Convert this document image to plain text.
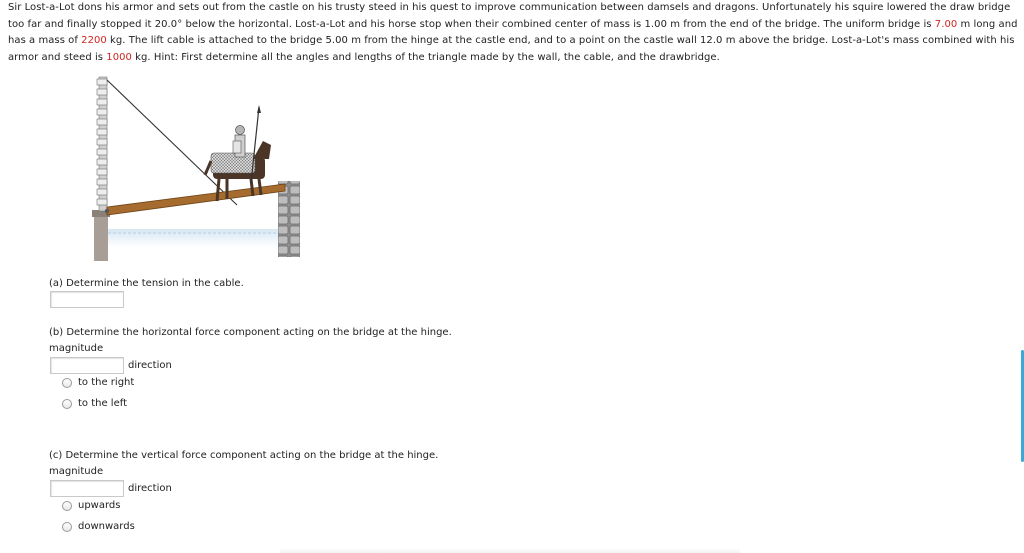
Sir Lost-a-Lot dons his armor and sets out from the castle on his trusty steed in his quest to improve communication between damsels and dragons. Unfortunately his squire lowered the draw bridge too far and finally stopped it 20.0° below the horizontal. Lost-a-Lot and his horse stop when their combined center of mass is 1.00 m from the end of the bridge. The uniform bridge is 7.00 m long and has a mass of 2200 kg. The lift cable is attached to the bridge 5.00 m from the hinge at the castle end, and to a point on the castle wall 12.0 m above the bridge. Lost-a-Lot's mass combined with his armor and steed is 1000 kg. Hint: First determine all the angles and lengths of the triangle made by the wall, the cable, and the drawbridge.
(a) Determine the tension in the cable.
(b) Determine the horizontal force component acting on the bridge at the hinge.
magnitude
direction
to the right
to the left
(c) Determine the vertical force component acting on the bridge at the hinge.
magnitude
direction
upwards
downwards
